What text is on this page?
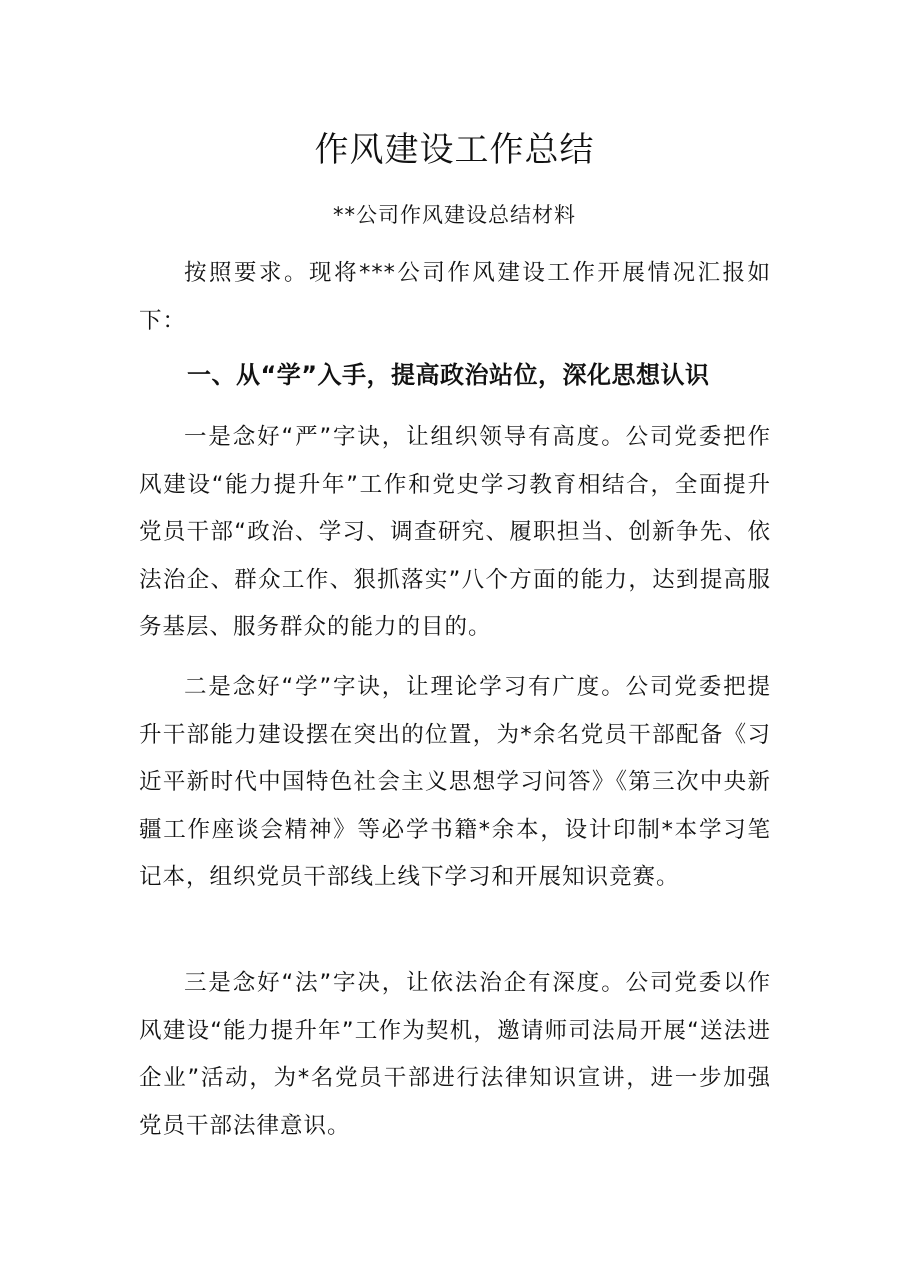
作风建设工作总结
**公司作风建设总结材料

按照要求。现将***公司作风建设工作开展情况汇报如下：

一、从“学”入手，提高政治站位，深化思想认识

一是念好“严”字诀，让组织领导有高度。公司党委把作风建设“能力提升年”工作和党史学习教育相结合，全面提升党员干部“政治、学习、调查研究、履职担当、创新争先、依法治企、群众工作、狠抓落实”八个方面的能力，达到提高服务基层、服务群众的能力的目的。

二是念好“学”字诀，让理论学习有广度。公司党委把提升干部能力建设摆在突出的位置，为*余名党员干部配备《习近平新时代中国特色社会主义思想学习问答》《第三次中央新疆工作座谈会精神》等必学书籍*余本，设计印制*本学习笔记本，组织党员干部线上线下学习和开展知识竞赛。

三是念好“法”字决，让依法治企有深度。公司党委以作风建设“能力提升年”工作为契机，邀请师司法局开展“送法进企业”活动，为*名党员干部进行法律知识宣讲，进一步加强党员干部法律意识。
